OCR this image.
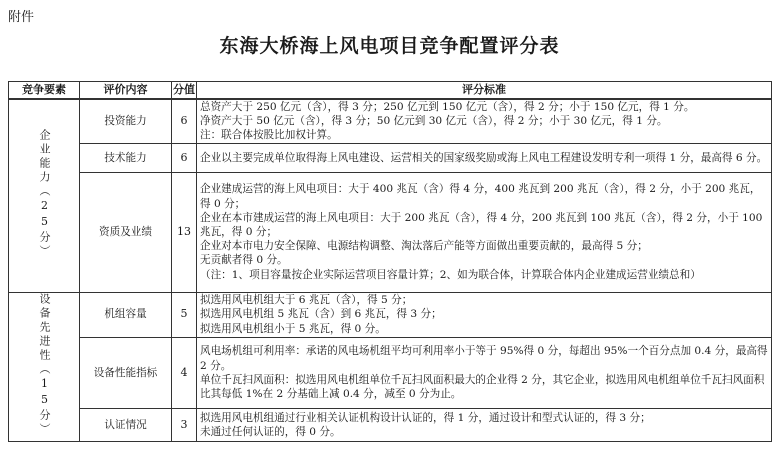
附件
东海大桥海上风电项目竞争配置评分表
竞争要素	评价内容	分值	评分标准
企业能力（25分）	投资能力	6	总资产大于 250 亿元（含），得 3 分；250 亿元到 150 亿元（含），得 2 分；小于 150 亿元，得 1 分。
净资产大于 50 亿元（含），得 3 分；50 亿元到 30 亿元（含），得 2 分；小于 30 亿元，得 1 分。
注：联合体按股比加权计算。

	技术能力	6	企业以主要完成单位取得海上风电建设、运营相关的国家级奖励或海上风电工程建设发明专利一项得 1 分，最高得 6 分。

	资质及业绩	13	企业建成运营的海上风电项目：大于 400 兆瓦（含）得 4 分，400 兆瓦到 200 兆瓦（含），得 2 分，小于 200 兆瓦，得 0 分；
企业在本市建成运营的海上风电项目：大于 200 兆瓦（含），得 4 分，200 兆瓦到 100 兆瓦（含），得 2 分，小于 100 兆瓦，得 0 分；
企业对本市电力安全保障、电源结构调整、淘汰落后产能等方面做出重要贡献的，最高得 5 分；
无贡献者得 0 分。
（注：1、项目容量按企业实际运营项目容量计算；2、如为联合体，计算联合体内企业建成运营业绩总和）

设备先进性（15分）	机组容量	5	拟选用风电机组大于 6 兆瓦（含），得 5 分；
拟选用风电机组 5 兆瓦（含）到 6 兆瓦，得 3 分；
拟选用风电机组小于 5 兆瓦，得 0 分。

	设备性能指标	4	风电场机组可利用率：承诺的风电场机组平均可利用率小于等于 95%得 0 分，每超出 95%一个百分点加 0.4 分，最高得 2 分。
单位千瓦扫风面积：拟选用风电机组单位千瓦扫风面积最大的企业得 2 分，其它企业，拟选用风电机组单位千瓦扫风面积比其每低 1%在 2 分基础上减 0.4 分，减至 0 分为止。

	认证情况	3	拟选用风电机组通过行业相关认证机构设计认证的，得 1 分，通过设计和型式认证的，得 3 分；
未通过任何认证的，得 0 分。
